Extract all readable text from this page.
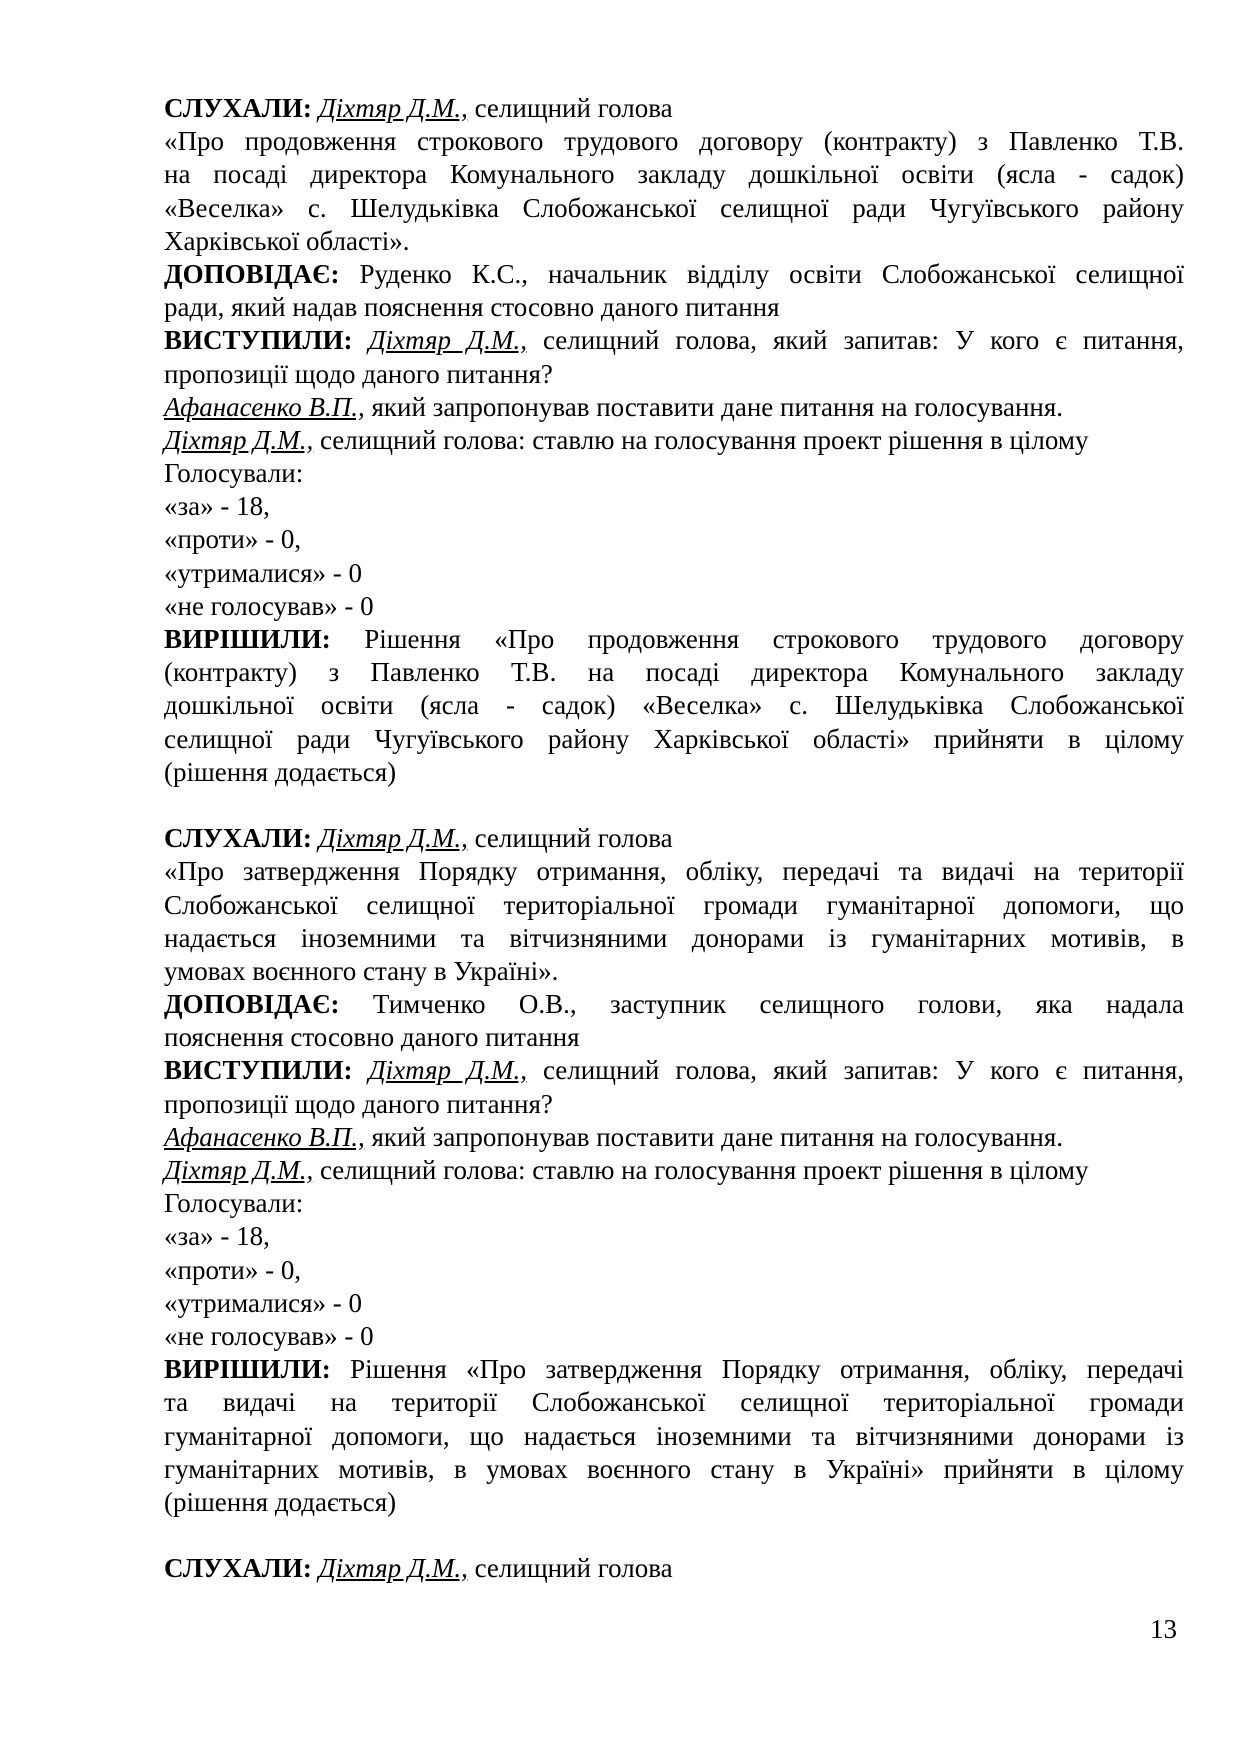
СЛУХАЛИ: Діхтяр Д.М., селищний голова
«Про продовження строкового трудового договору (контракту) з Павленко Т.В.
на посаді директора Комунального закладу дошкільної освіти (ясла - садок)
«Веселка» с. Шелудьківка Слобожанської селищної ради Чугуївського району
Харківської області».
ДОПОВІДАЄ: Руденко К.С., начальник відділу освіти Слобожанської селищної
ради, який надав пояснення стосовно даного питання
ВИСТУПИЛИ: Діхтяр Д.М., селищний голова, який запитав: У кого є питання,
пропозиції щодо даного питання?
Афанасенко В.П., який запропонував поставити дане питання на голосування.
Діхтяр Д.М., селищний голова: ставлю на голосування проект рішення в цілому
Голосували:
«за» - 18,
«проти» - 0,
«утрималися» - 0
«не голосував» - 0
ВИРІШИЛИ: Рішення «Про продовження строкового трудового договору
(контракту) з Павленко Т.В. на посаді директора Комунального закладу
дошкільної освіти (ясла - садок) «Веселка» с. Шелудьківка Слобожанської
селищної ради Чугуївського району Харківської області» прийняти в цілому
(рішення додається)
СЛУХАЛИ: Діхтяр Д.М., селищний голова
«Про затвердження Порядку отримання, обліку, передачі та видачі на території
Слобожанської селищної територіальної громади гуманітарної допомоги, що
надається іноземними та вітчизняними донорами із гуманітарних мотивів, в
умовах воєнного стану в Україні».
ДОПОВІДАЄ: Тимченко О.В., заступник селищного голови, яка надала
пояснення стосовно даного питання
ВИСТУПИЛИ: Діхтяр Д.М., селищний голова, який запитав: У кого є питання,
пропозиції щодо даного питання?
Афанасенко В.П., який запропонував поставити дане питання на голосування.
Діхтяр Д.М., селищний голова: ставлю на голосування проект рішення в цілому
Голосували:
«за» - 18,
«проти» - 0,
«утрималися» - 0
«не голосував» - 0
ВИРІШИЛИ: Рішення «Про затвердження Порядку отримання, обліку, передачі
та видачі на території Слобожанської селищної територіальної громади
гуманітарної допомоги, що надається іноземними та вітчизняними донорами із
гуманітарних мотивів, в умовах воєнного стану в Україні» прийняти в цілому
(рішення додається)
СЛУХАЛИ: Діхтяр Д.М., селищний голова
13
